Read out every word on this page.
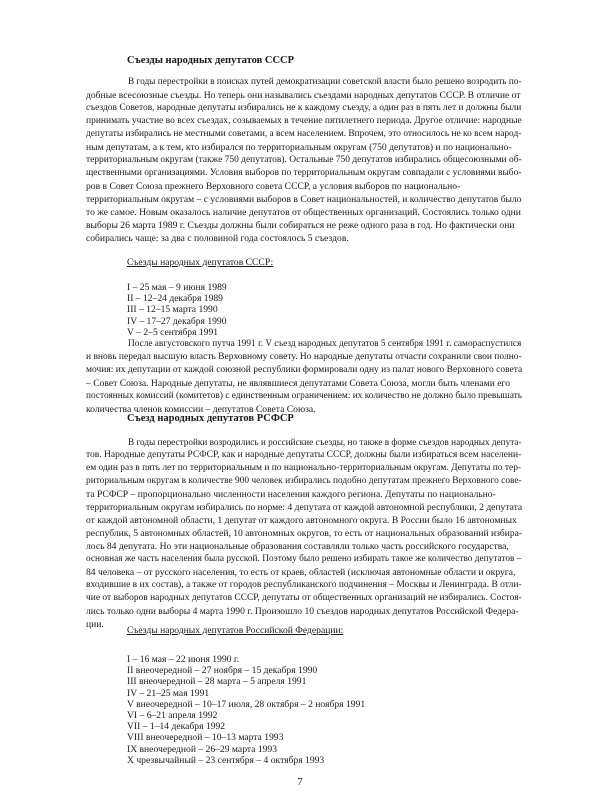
Съезды народных депутатов СССР
В годы перестройки в поисках путей демократизации советской власти было решено возродить по-
добные всесоюзные съезды. Но теперь они назывались съездами народных депутатов СССР. В отличие от
съездов Советов, народные депутаты избирались не к каждому съезду, а один раз в пять лет и должны были
принимать участие во всех съездах, созываемых в течение пятилетнего периода. Другое отличие: народные
депутаты избирались не местными советами, а всем населением. Впрочем, это относилось не ко всем народ-
ным депутатам, а к тем, кто избирался по территориальным округам (750 депутатов) и по национально-
территориальным округам (также 750 депутатов). Остальные 750 депутатов избирались общесоюзными об-
щественными организациями. Условия выборов по территориальным округам совпадали с условиями выбо-
ров в Совет Союза прежнего Верховного совета СССР, а условия выборов по национально-
территориальным округам – с условиями выборов в Совет национальностей, и количество депутатов было
то же самое. Новым оказалось наличие депутатов от общественных организаций. Состоялись только одни
выборы 26 марта 1989 г. Съезды должны были собираться не реже одного раза в год. Но фактически они
собирались чаще: за два с половиной года состоялось 5 съездов.
Съезды народных депутатов СССР:
I – 25 мая – 9 июня 1989
II – 12–24 декабря 1989
III – 12–15 марта 1990
IV – 17–27 декабря 1990
V – 2–5 сентября 1991
После августовского путча 1991 г. V съезд народных депутатов 5 сентября 1991 г. самораспустился
и вновь передал высшую власть Верховному совету. Но народные депутаты отчасти сохранили свои полно-
мочия: их депутации от каждой союзной республики формировали одну из палат нового Верховного совета
– Совет Союза. Народные депутаты, не являвшиеся депутатами Совета Союза, могли быть членами его
постоянных комиссий (комитетов) с единственным ограничением: их количество не должно было превышать
количества членов комиссии – депутатов Совета Союза.
Съезд народных депутатов РСФСР
В годы перестройки возродились и российские съезды, но также в форме съездов народных депута-
тов. Народные депутаты РСФСР, как и народные депутаты СССР, должны были избираться всем населени-
ем один раз в пять лет по территориальным и по национально-территориальным округам. Депутаты по тер-
риториальным округам в количестве 900 человек избирались подобно депутатам прежнего Верховного сове-
та РСФСР – пропорционально численности населения каждого региона. Депутаты по национально-
территориальным округам избирались по норме: 4 депутата от каждой автономной республики, 2 депутата
от каждой автономной области, 1 депутат от каждого автономного округа. В России было 16 автономных
республик, 5 автономных областей, 10 автономных округов, то есть от национальных образований избира-
лось 84 депутата. Но эти национальные образования составляли только часть российского государства,
основная же часть населения была русской. Поэтому было решено избирать такое же количество депутатов –
84 человека – от русского населения, то есть от краев, областей (исключая автономные области и округа,
входившие в их состав), а также от городов республиканского подчинения – Москвы и Ленинграда. В отли-
чие от выборов народных депутатов СССР, депутаты от общественных организаций не избирались. Состоя-
лись только одни выборы 4 марта 1990 г. Произошло 10 съездов народных депутатов Российской Федера-
ции.
Съезды народных депутатов Российской Федерации:
I – 16 мая – 22 июня 1990 г.
II внеочередной – 27 ноября – 15 декабря 1990
III внеочередной – 28 марта – 5 апреля 1991
IV – 21–25 мая 1991
V внеочередной – 10–17 июля, 28 октября – 2 ноября 1991
VI – 6–21 апреля 1992
VII – 1–14 декабря 1992
VIII внеочередной – 10–13 марта 1993
IX внеочередной – 26–29 марта 1993
X чрезвычайный – 23 сентября – 4 октября 1993
7
